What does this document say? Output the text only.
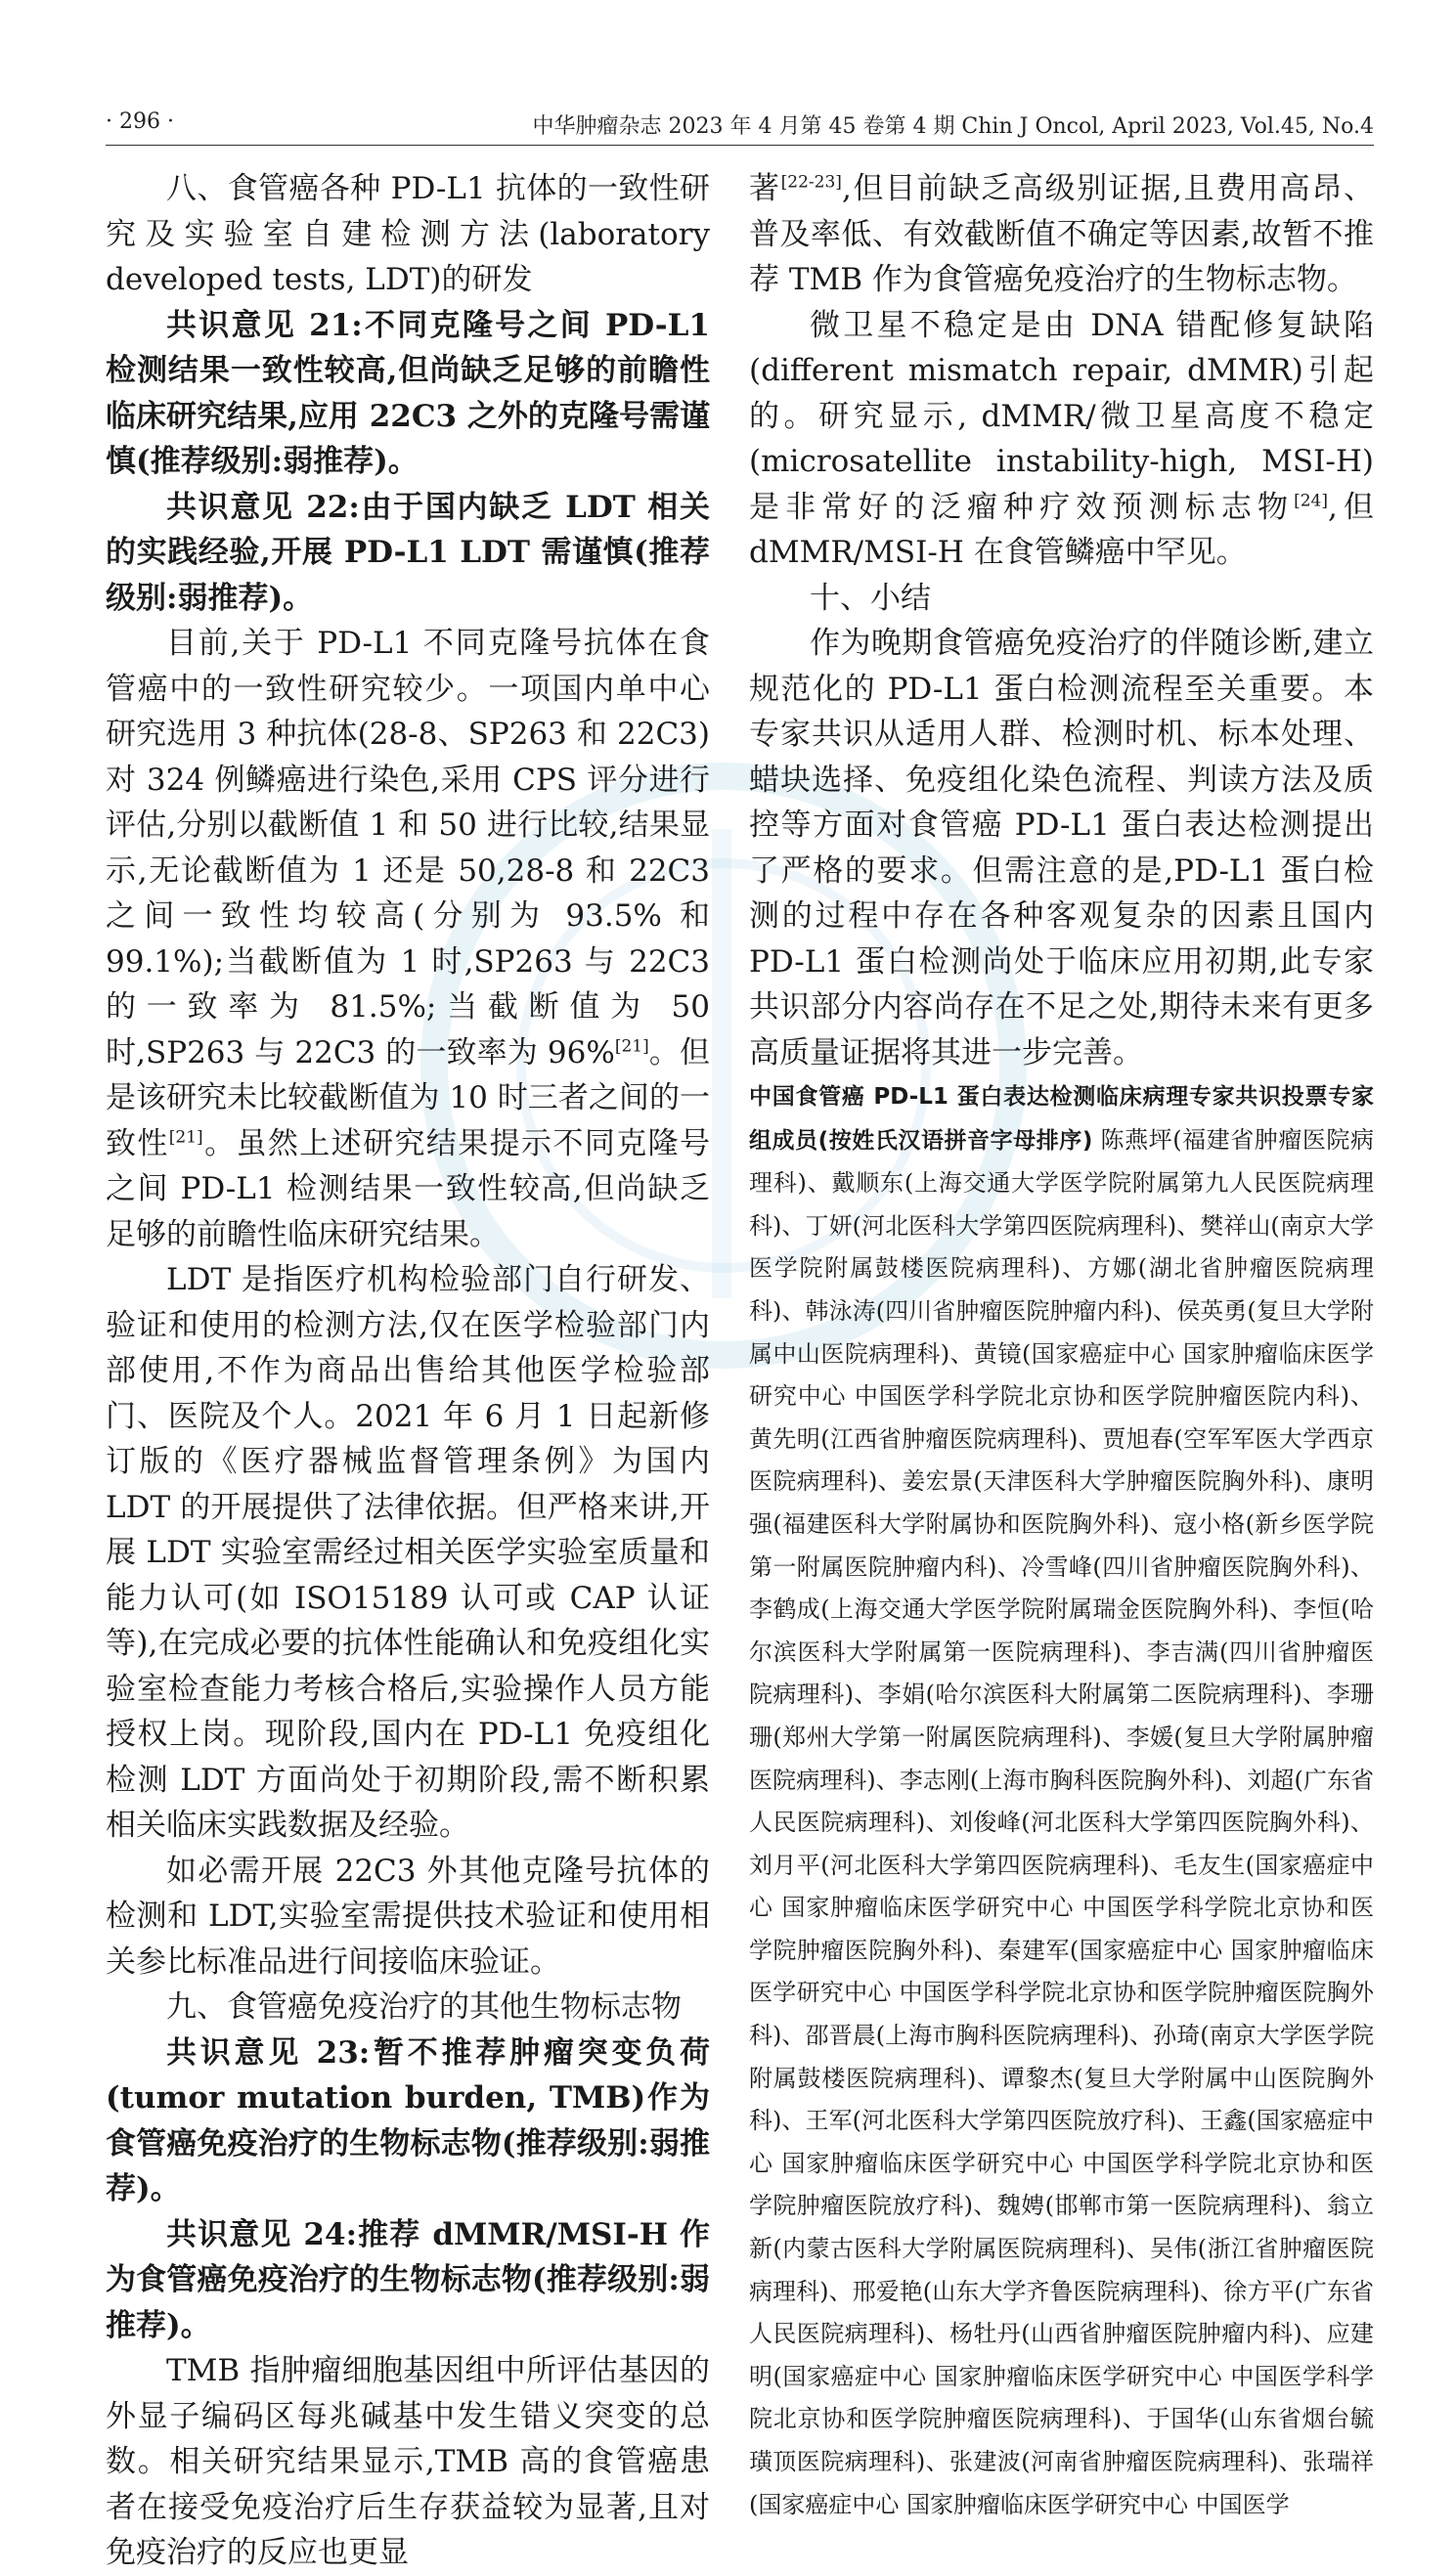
· 296 ·	中华肿瘤杂志 2023 年 4 月第 45 卷第 4 期 Chin J Oncol, April 2023, Vol.45, No.4

八、食管癌各种 PD-L1 抗体的一致性研究及实验室自建检测方法(laboratory developed tests, LDT)的研发

共识意见 21:不同克隆号之间 PD-L1 检测结果一致性较高,但尚缺乏足够的前瞻性临床研究结果,应用 22C3 之外的克隆号需谨慎(推荐级别:弱推荐)。

共识意见 22:由于国内缺乏 LDT 相关的实践经验,开展 PD-L1 LDT 需谨慎(推荐级别:弱推荐)。

目前,关于 PD-L1 不同克隆号抗体在食管癌中的一致性研究较少。一项国内单中心研究选用 3 种抗体(28-8、SP263 和 22C3)对 324 例鳞癌进行染色,采用 CPS 评分进行评估,分别以截断值 1 和 50 进行比较,结果显示,无论截断值为 1 还是 50,28-8 和 22C3 之间一致性均较高(分别为 93.5% 和 99.1%);当截断值为 1 时,SP263 与 22C3 的一致率为 81.5%;当截断值为 50 时,SP263 与 22C3 的一致率为 96%[21]。但是该研究未比较截断值为 10 时三者之间的一致性[21]。虽然上述研究结果提示不同克隆号之间 PD-L1 检测结果一致性较高,但尚缺乏足够的前瞻性临床研究结果。

LDT 是指医疗机构检验部门自行研发、验证和使用的检测方法,仅在医学检验部门内部使用,不作为商品出售给其他医学检验部门、医院及个人。2021 年 6 月 1 日起新修订版的《医疗器械监督管理条例》为国内 LDT 的开展提供了法律依据。但严格来讲,开展 LDT 实验室需经过相关医学实验室质量和能力认可(如 ISO15189 认可或 CAP 认证等),在完成必要的抗体性能确认和免疫组化实验室检查能力考核合格后,实验操作人员方能授权上岗。现阶段,国内在 PD-L1 免疫组化检测 LDT 方面尚处于初期阶段,需不断积累相关临床实践数据及经验。

如必需开展 22C3 外其他克隆号抗体的检测和 LDT,实验室需提供技术验证和使用相关参比标准品进行间接临床验证。

九、食管癌免疫治疗的其他生物标志物

共识意见 23:暂不推荐肿瘤突变负荷(tumor mutation burden, TMB)作为食管癌免疫治疗的生物标志物(推荐级别:弱推荐)。

共识意见 24:推荐 dMMR/MSI-H 作为食管癌免疫治疗的生物标志物(推荐级别:弱推荐)。

TMB 指肿瘤细胞基因组中所评估基因的外显子编码区每兆碱基中发生错义突变的总数。相关研究结果显示,TMB 高的食管癌患者在接受免疫治疗后生存获益较为显著,且对免疫治疗的反应也更显

著[22-23],但目前缺乏高级别证据,且费用高昂、普及率低、有效截断值不确定等因素,故暂不推荐 TMB 作为食管癌免疫治疗的生物标志物。

微卫星不稳定是由 DNA 错配修复缺陷(different mismatch repair, dMMR)引起的。研究显示, dMMR/微卫星高度不稳定(microsatellite instability-high, MSI-H)是非常好的泛瘤种疗效预测标志物[24],但 dMMR/MSI-H 在食管鳞癌中罕见。

十、小结

作为晚期食管癌免疫治疗的伴随诊断,建立规范化的 PD-L1 蛋白检测流程至关重要。本专家共识从适用人群、检测时机、标本处理、蜡块选择、免疫组化染色流程、判读方法及质控等方面对食管癌 PD-L1 蛋白表达检测提出了严格的要求。但需注意的是,PD-L1 蛋白检测的过程中存在各种客观复杂的因素且国内 PD-L1 蛋白检测尚处于临床应用初期,此专家共识部分内容尚存在不足之处,期待未来有更多高质量证据将其进一步完善。

中国食管癌 PD-L1 蛋白表达检测临床病理专家共识投票专家组成员(按姓氏汉语拼音字母排序) 陈燕坪(福建省肿瘤医院病理科)、戴顺东(上海交通大学医学院附属第九人民医院病理科)、丁妍(河北医科大学第四医院病理科)、樊祥山(南京大学医学院附属鼓楼医院病理科)、方娜(湖北省肿瘤医院病理科)、韩泳涛(四川省肿瘤医院肿瘤内科)、侯英勇(复旦大学附属中山医院病理科)、黄镜(国家癌症中心 国家肿瘤临床医学研究中心 中国医学科学院北京协和医学院肿瘤医院内科)、黄先明(江西省肿瘤医院病理科)、贾旭春(空军军医大学西京医院病理科)、姜宏景(天津医科大学肿瘤医院胸外科)、康明强(福建医科大学附属协和医院胸外科)、寇小格(新乡医学院第一附属医院肿瘤内科)、冷雪峰(四川省肿瘤医院胸外科)、李鹤成(上海交通大学医学院附属瑞金医院胸外科)、李恒(哈尔滨医科大学附属第一医院病理科)、李吉满(四川省肿瘤医院病理科)、李娟(哈尔滨医科大附属第二医院病理科)、李珊珊(郑州大学第一附属医院病理科)、李媛(复旦大学附属肿瘤医院病理科)、李志刚(上海市胸科医院胸外科)、刘超(广东省人民医院病理科)、刘俊峰(河北医科大学第四医院胸外科)、刘月平(河北医科大学第四医院病理科)、毛友生(国家癌症中心 国家肿瘤临床医学研究中心 中国医学科学院北京协和医学院肿瘤医院胸外科)、秦建军(国家癌症中心 国家肿瘤临床医学研究中心 中国医学科学院北京协和医学院肿瘤医院胸外科)、邵晋晨(上海市胸科医院病理科)、孙琦(南京大学医学院附属鼓楼医院病理科)、谭黎杰(复旦大学附属中山医院胸外科)、王军(河北医科大学第四医院放疗科)、王鑫(国家癌症中心 国家肿瘤临床医学研究中心 中国医学科学院北京协和医学院肿瘤医院放疗科)、魏娉(邯郸市第一医院病理科)、翁立新(内蒙古医科大学附属医院病理科)、吴伟(浙江省肿瘤医院病理科)、邢爱艳(山东大学齐鲁医院病理科)、徐方平(广东省人民医院病理科)、杨牡丹(山西省肿瘤医院肿瘤内科)、应建明(国家癌症中心 国家肿瘤临床医学研究中心 中国医学科学院北京协和医学院肿瘤医院病理科)、于国华(山东省烟台毓璜顶医院病理科)、张建波(河南省肿瘤医院病理科)、张瑞祥(国家癌症中心 国家肿瘤临床医学研究中心 中国医学
